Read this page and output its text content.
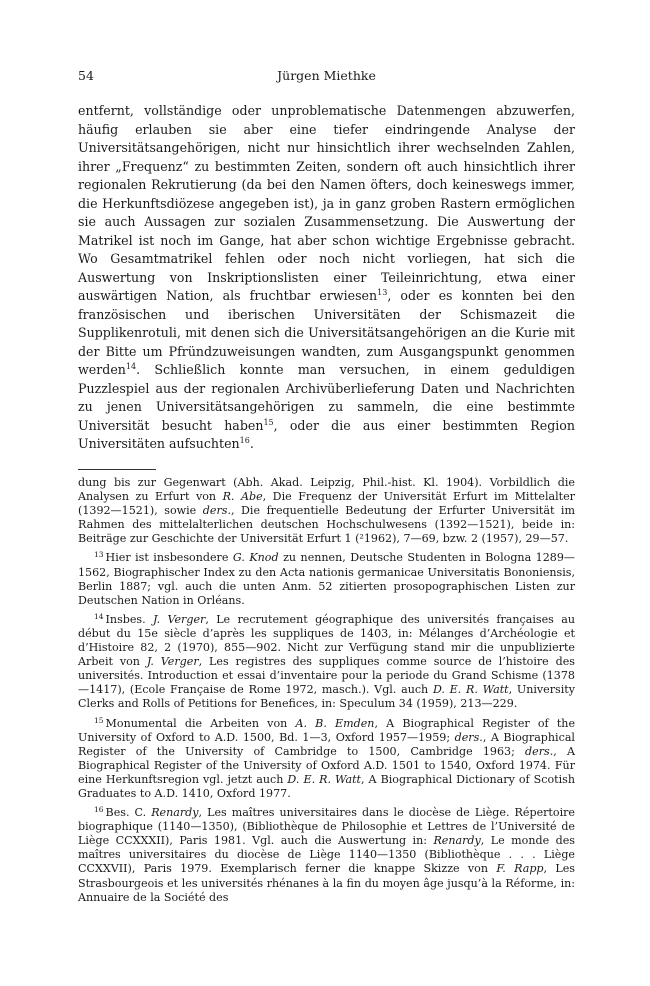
54	Jürgen Miethke
entfernt, vollständige oder unproblematische Datenmengen abzuwerfen, häufig erlauben sie aber eine tiefer eindringende Analyse der Universitätsangehörigen, nicht nur hinsichtlich ihrer wechselnden Zahlen, ihrer „Frequenz“ zu bestimmten Zeiten, sondern oft auch hinsichtlich ihrer regionalen Rekrutierung (da bei den Namen öfters, doch keineswegs immer, die Herkunftsdiözese angegeben ist), ja in ganz groben Rastern ermöglichen sie auch Aussagen zur sozialen Zusammensetzung. Die Auswertung der Matrikel ist noch im Gange, hat aber schon wichtige Ergebnisse gebracht. Wo Gesamtmatrikel fehlen oder noch nicht vorliegen, hat sich die Auswertung von Inskriptionslisten einer Teileinrichtung, etwa einer auswärtigen Nation, als fruchtbar erwiesen$^{13}$, oder es konnten bei den französischen und iberischen Universitäten der Schismazeit die Supplikenrotuli, mit denen sich die Universitätsangehörigen an die Kurie mit der Bitte um Pfründzuweisungen wandten, zum Ausgangspunkt genommen werden$^{14}$. Schließlich konnte man versuchen, in einem geduldigen Puzzlespiel aus der regionalen Archivüberlieferung Daten und Nachrichten zu jenen Universitätsangehörigen zu sammeln, die eine bestimmte Universität besucht haben$^{15}$, oder die aus einer bestimmten Region Universitäten aufsuchten$^{16}$.

dung bis zur Gegenwart (Abh. Akad. Leipzig, Phil.-hist. Kl. 1904). Vorbildlich die Analysen zu Erfurt von R. Abe, Die Frequenz der Universität Erfurt im Mittelalter (1392—1521), sowie ders., Die frequentielle Bedeutung der Erfurter Universität im Rahmen des mittelalterlichen deutschen Hochschulwesens (1392—1521), beide in: Beiträge zur Geschichte der Universität Erfurt 1 (²1962), 7—69, bzw. 2 (1957), 29—57.

$^{13}$ Hier ist insbesondere G. Knod zu nennen, Deutsche Studenten in Bologna 1289—1562, Biographischer Index zu den Acta nationis germanicae Universitatis Bononiensis, Berlin 1887; vgl. auch die unten Anm. 52 zitierten prosopographischen Listen zur Deutschen Nation in Orléans.

$^{14}$ Insbes. J. Verger, Le recrutement géographique des universités françaises au début du 15e siècle d’après les suppliques de 1403, in: Mélanges d’Archéologie et d’Histoire 82, 2 (1970), 855—902. Nicht zur Verfügung stand mir die unpublizierte Arbeit von J. Verger, Les registres des suppliques comme source de l’histoire des universités. Introduction et essai d’inventaire pour la periode du Grand Schisme (1378—1417), (Ecole Française de Rome 1972, masch.). Vgl. auch D. E. R. Watt, University Clerks and Rolls of Petitions for Benefices, in: Speculum 34 (1959), 213—229.

$^{15}$ Monumental die Arbeiten von A. B. Emden, A Biographical Register of the University of Oxford to A.D. 1500, Bd. 1—3, Oxford 1957—1959; ders., A Biographical Register of the University of Cambridge to 1500, Cambridge 1963; ders., A Biographical Register of the University of Oxford A.D. 1501 to 1540, Oxford 1974. Für eine Herkunftsregion vgl. jetzt auch D. E. R. Watt, A Biographical Dictionary of Scotish Graduates to A.D. 1410, Oxford 1977.

$^{16}$ Bes. C. Renardy, Les maîtres universitaires dans le diocèse de Liège. Répertoire biographique (1140—1350), (Bibliothèque de Philosophie et Lettres de l’Université de Liège CCXXXII), Paris 1981. Vgl. auch die Auswertung in: Renardy, Le monde des maîtres universitaires du diocèse de Liège 1140—1350 (Bibliothèque . . . Liège CCXXVII), Paris 1979. Exemplarisch ferner die knappe Skizze von F. Rapp, Les Strasbourgeois et les universités rhénanes à la fin du moyen âge jusqu’à la Réforme, in: Annuaire de la Société des
